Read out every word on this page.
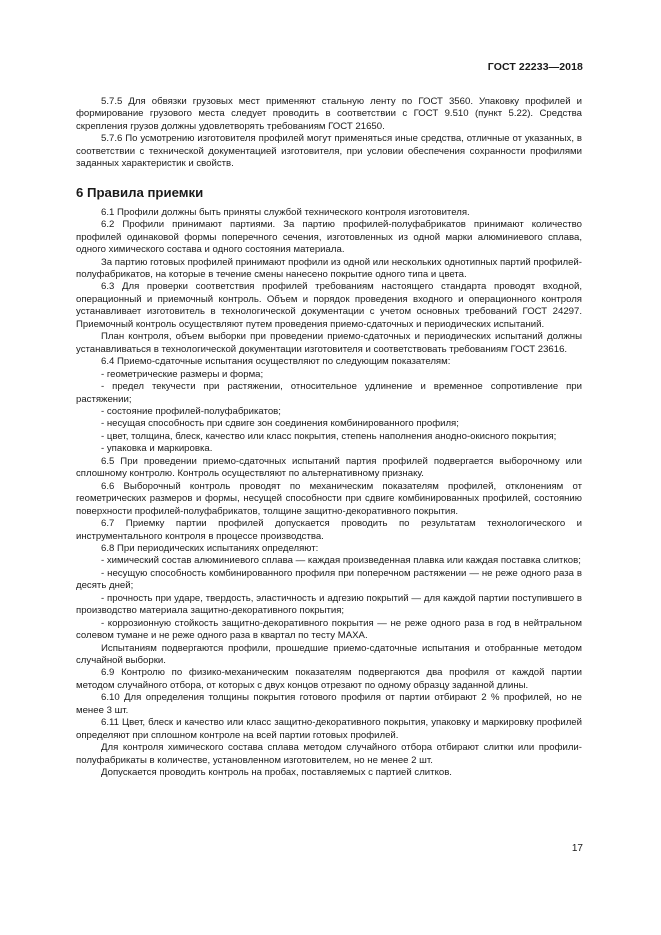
ГОСТ 22233—2018

5.7.5 Для обвязки грузовых мест применяют стальную ленту по ГОСТ 3560. Упаковку профилей и формирование грузового места следует проводить в соответствии с ГОСТ 9.510 (пункт 5.22). Средства скрепления грузов должны удовлетворять требованиям ГОСТ 21650.

5.7.6 По усмотрению изготовителя профилей могут применяться иные средства, отличные от указанных, в соответствии с технической документацией изготовителя, при условии обеспечения сохранности профилями заданных характеристик и свойств.

6 Правила приемки

6.1 Профили должны быть приняты службой технического контроля изготовителя.

6.2 Профили принимают партиями. За партию профилей-полуфабрикатов принимают количество профилей одинаковой формы поперечного сечения, изготовленных из одной марки алюминиевого сплава, одного химического состава и одного состояния материала.

За партию готовых профилей принимают профили из одной или нескольких однотипных партий профилей-полуфабрикатов, на которые в течение смены нанесено покрытие одного типа и цвета.

6.3 Для проверки соответствия профилей требованиям настоящего стандарта проводят входной, операционный и приемочный контроль. Объем и порядок проведения входного и операционного контроля устанавливает изготовитель в технологической документации с учетом основных требований ГОСТ 24297. Приемочный контроль осуществляют путем проведения приемо-сдаточных и периодических испытаний.

План контроля, объем выборки при проведении приемо-сдаточных и периодических испытаний должны устанавливаться в технологической документации изготовителя и соответствовать требованиям ГОСТ 23616.

6.4 Приемо-сдаточные испытания осуществляют по следующим показателям:

- геометрические размеры и форма;

- предел текучести при растяжении, относительное удлинение и временное сопротивление при растяжении;

- состояние профилей-полуфабрикатов;

- несущая способность при сдвиге зон соединения комбинированного профиля;

- цвет, толщина, блеск, качество или класс покрытия, степень наполнения анодно-окисного покрытия;

- упаковка и маркировка.

6.5 При проведении приемо-сдаточных испытаний партия профилей подвергается выборочному или сплошному контролю. Контроль осуществляют по альтернативному признаку.

6.6 Выборочный контроль проводят по механическим показателям профилей, отклонениям от геометрических размеров и формы, несущей способности при сдвиге комбинированных профилей, состоянию поверхности профилей-полуфабрикатов, толщине защитно-декоративного покрытия.

6.7 Приемку партии профилей допускается проводить по результатам технологического и инструментального контроля в процессе производства.

6.8 При периодических испытаниях определяют:

- химический состав алюминиевого сплава — каждая произведенная плавка или каждая поставка слитков;

- несущую способность комбинированного профиля при поперечном растяжении — не реже одного раза в десять дней;

- прочность при ударе, твердость, эластичность и адгезию покрытий — для каждой партии поступившего в производство материала защитно-декоративного покрытия;

- коррозионную стойкость защитно-декоративного покрытия — не реже одного раза в год в нейтральном солевом тумане и не реже одного раза в квартал по тесту МАХА.

Испытаниям подвергаются профили, прошедшие приемо-сдаточные испытания и отобранные методом случайной выборки.

6.9 Контролю по физико-механическим показателям подвергаются два профиля от каждой партии методом случайного отбора, от которых с двух концов отрезают по одному образцу заданной длины.

6.10 Для определения толщины покрытия готового профиля от партии отбирают 2 % профилей, но не менее 3 шт.

6.11 Цвет, блеск и качество или класс защитно-декоративного покрытия, упаковку и маркировку профилей определяют при сплошном контроле на всей партии готовых профилей.

Для контроля химического состава сплава методом случайного отбора отбирают слитки или профили-полуфабрикаты в количестве, установленном изготовителем, но не менее 2 шт.

Допускается проводить контроль на пробах, поставляемых с партией слитков.

17
